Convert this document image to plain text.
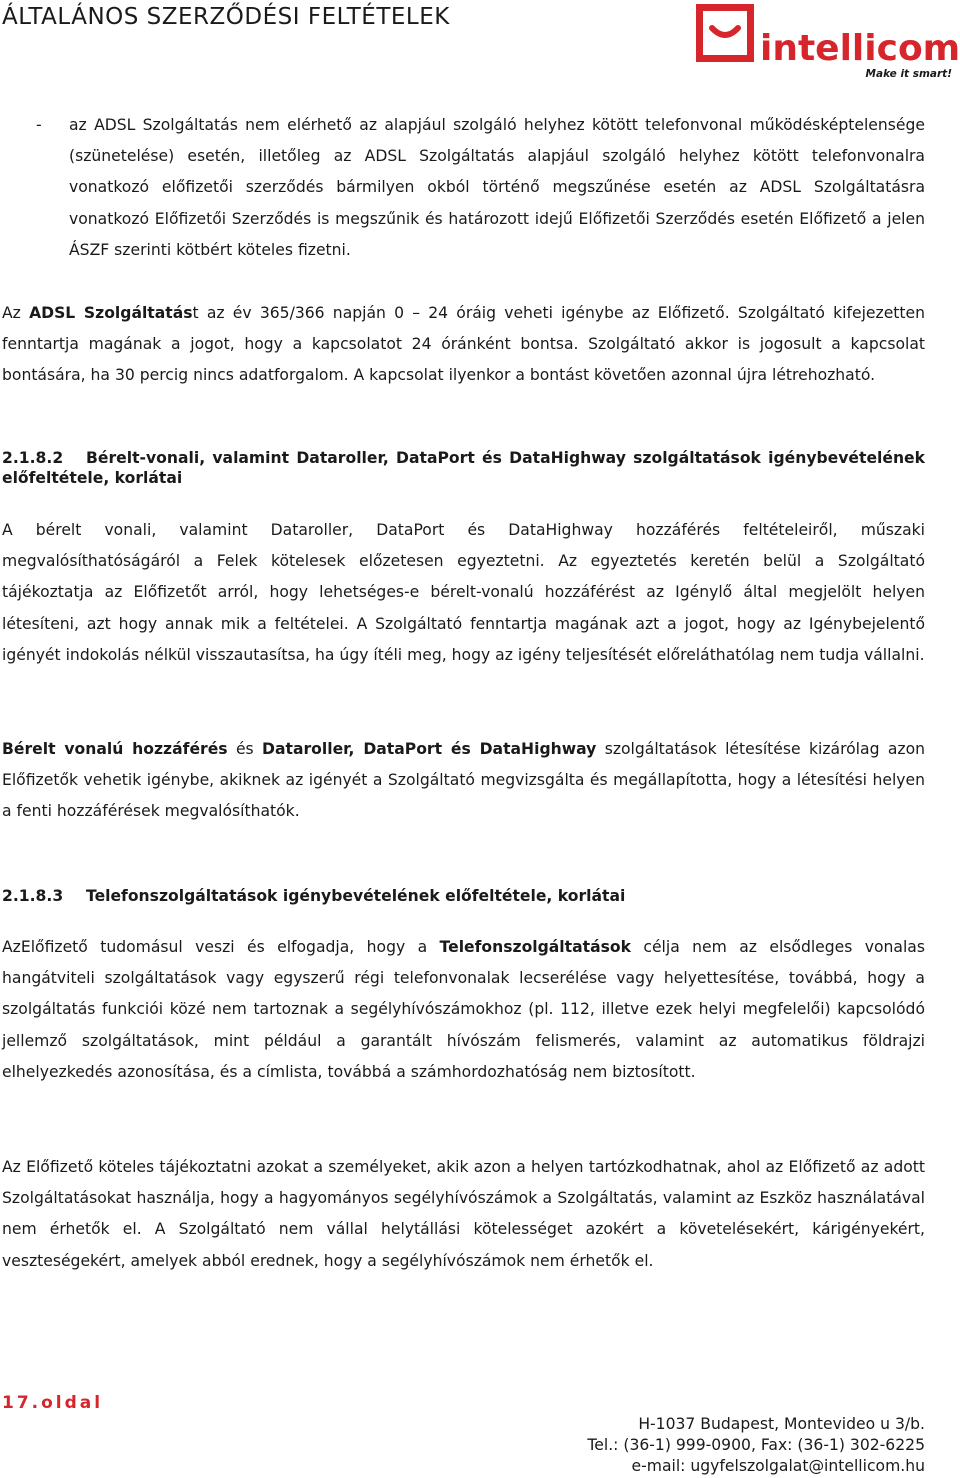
ÁLTALÁNOS SZERZŐDÉSI FELTÉTELEK
intellicom
Make it smart!
- az ADSL Szolgáltatás nem elérhető az alapjául szolgáló helyhez kötött telefonvonal működésképtelensége (szünetelése) esetén, illetőleg az ADSL Szolgáltatás alapjául szolgáló helyhez kötött telefonvonalra vonatkozó előfizetői szerződés bármilyen okból történő megszűnése esetén az ADSL Szolgáltatásra vonatkozó Előfizetői Szerződés is megszűnik és határozott idejű Előfizetői Szerződés esetén Előfizető a jelen ÁSZF szerinti kötbért köteles fizetni.

Az ADSL Szolgáltatást az év 365/366 napján 0 – 24 óráig veheti igénybe az Előfizető. Szolgáltató kifejezetten fenntartja magának a jogot, hogy a kapcsolatot 24 óránként bontsa. Szolgáltató akkor is jogosult a kapcsolat bontására, ha 30 percig nincs adatforgalom. A kapcsolat ilyenkor a bontást követően azonnal újra létrehozható.

2.1.8.2 Bérelt-vonali, valamint Dataroller, DataPort és DataHighway szolgáltatások igénybevételének előfeltétele, korlátai

A bérelt vonali, valamint Dataroller, DataPort és DataHighway hozzáférés feltételeiről, műszaki megvalósíthatóságáról a Felek kötelesek előzetesen egyeztetni. Az egyeztetés keretén belül a Szolgáltató tájékoztatja az Előfizetőt arról, hogy lehetséges-e bérelt-vonalú hozzáférést az Igénylő által megjelölt helyen létesíteni, azt hogy annak mik a feltételei. A Szolgáltató fenntartja magának azt a jogot, hogy az Igénybejelentő igényét indokolás nélkül visszautasítsa, ha úgy ítéli meg, hogy az igény teljesítését előreláthatólag nem tudja vállalni.

Bérelt vonalú hozzáférés és Dataroller, DataPort és DataHighway szolgáltatások létesítése kizárólag azon Előfizetők vehetik igénybe, akiknek az igényét a Szolgáltató megvizsgálta és megállapította, hogy a létesítési helyen a fenti hozzáférések megvalósíthatók.

2.1.8.3 Telefonszolgáltatások igénybevételének előfeltétele, korlátai

AzElőfizető tudomásul veszi és elfogadja, hogy a Telefonszolgáltatások célja nem az elsődleges vonalas hangátviteli szolgáltatások vagy egyszerű régi telefonvonalak lecserélése vagy helyettesítése, továbbá, hogy a szolgáltatás funkciói közé nem tartoznak a segélyhívószámokhoz (pl. 112, illetve ezek helyi megfelelői) kapcsolódó jellemző szolgáltatások, mint például a garantált hívószám felismerés, valamint az automatikus földrajzi elhelyezkedés azonosítása, és a címlista, továbbá a számhordozhatóság nem biztosított.

Az Előfizető köteles tájékoztatni azokat a személyeket, akik azon a helyen tartózkodhatnak, ahol az Előfizető az adott Szolgáltatásokat használja, hogy a hagyományos segélyhívószámok a Szolgáltatás, valamint az Eszköz használatával nem érhetők el. A Szolgáltató nem vállal helytállási kötelességet azokért a követelésekért, kárigényekért, veszteségekért, amelyek abból erednek, hogy a segélyhívószámok nem érhetők el.

17.oldal
H-1037 Budapest, Montevideo u 3/b.
Tel.: (36-1) 999-0900, Fax: (36-1) 302-6225
e-mail: ugyfelszolgalat@intellicom.hu
